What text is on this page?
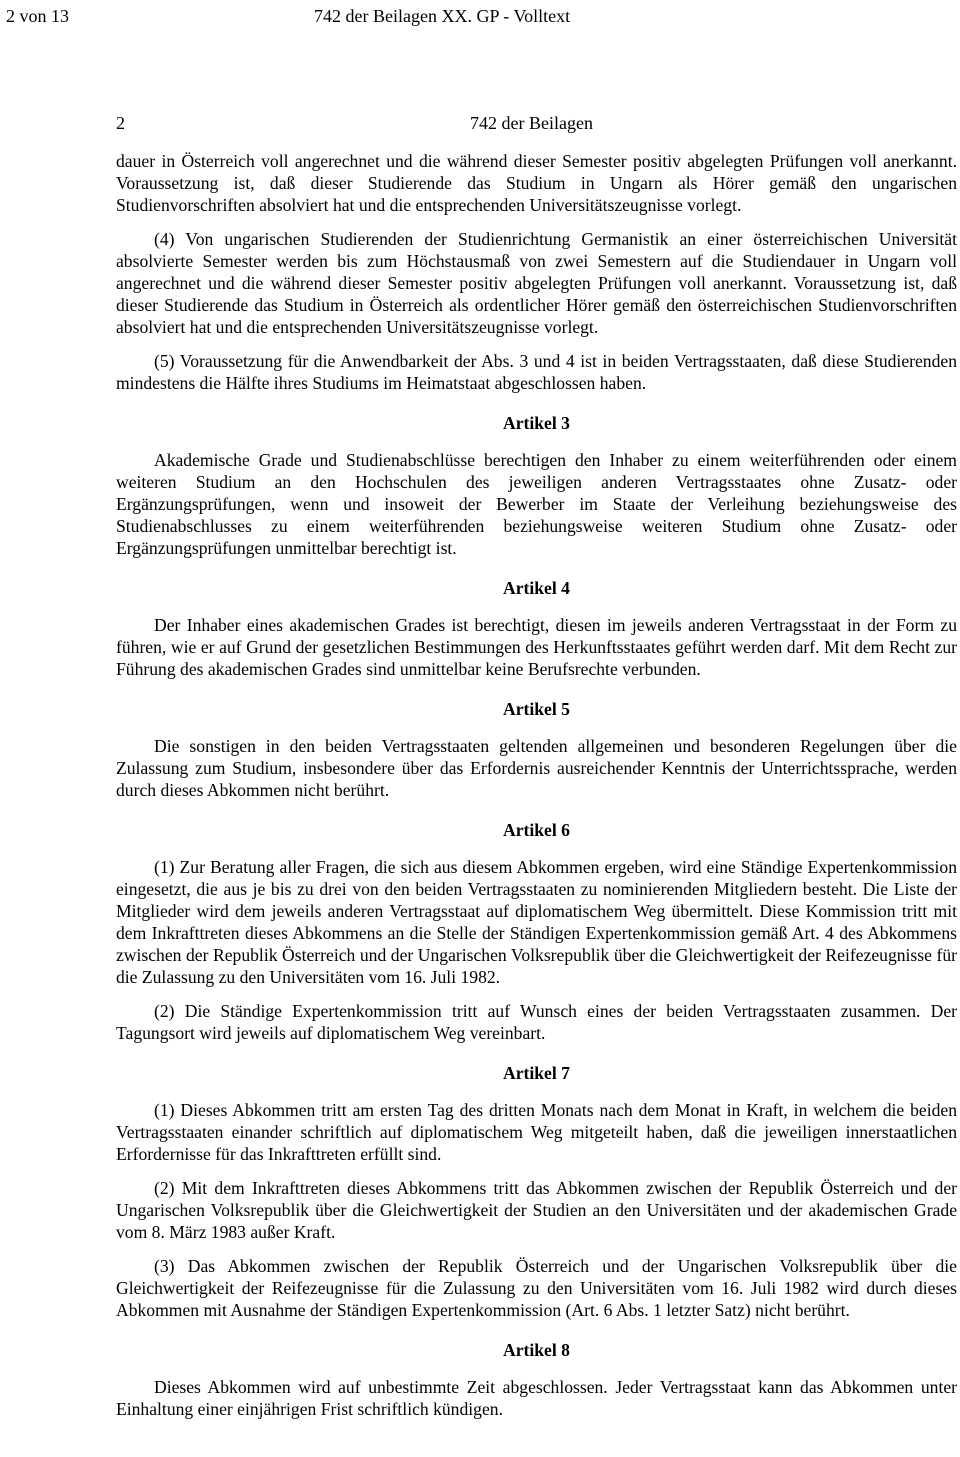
2 von 13	742 der Beilagen XX. GP - Volltext
2	742 der Beilagen

dauer in Österreich voll angerechnet und die während dieser Semester positiv abgelegten Prüfungen voll anerkannt. Voraussetzung ist, daß dieser Studierende das Studium in Ungarn als Hörer gemäß den ungarischen Studienvorschriften absolviert hat und die entsprechenden Universitätszeugnisse vorlegt.

(4) Von ungarischen Studierenden der Studienrichtung Germanistik an einer österreichischen Universität absolvierte Semester werden bis zum Höchstausmaß von zwei Semestern auf die Studiendauer in Ungarn voll angerechnet und die während dieser Semester positiv abgelegten Prüfungen voll anerkannt. Voraussetzung ist, daß dieser Studierende das Studium in Österreich als ordentlicher Hörer gemäß den österreichischen Studienvorschriften absolviert hat und die entsprechenden Universitätszeugnisse vorlegt.

(5) Voraussetzung für die Anwendbarkeit der Abs. 3 und 4 ist in beiden Vertragsstaaten, daß diese Studierenden mindestens die Hälfte ihres Studiums im Heimatstaat abgeschlossen haben.

Artikel 3

Akademische Grade und Studienabschlüsse berechtigen den Inhaber zu einem weiterführenden oder einem weiteren Studium an den Hochschulen des jeweiligen anderen Vertragsstaates ohne Zusatz- oder Ergänzungsprüfungen, wenn und insoweit der Bewerber im Staate der Verleihung beziehungsweise des Studienabschlusses zu einem weiterführenden beziehungsweise weiteren Studium ohne Zusatz- oder Ergänzungsprüfungen unmittelbar berechtigt ist.

Artikel 4

Der Inhaber eines akademischen Grades ist berechtigt, diesen im jeweils anderen Vertragsstaat in der Form zu führen, wie er auf Grund der gesetzlichen Bestimmungen des Herkunftsstaates geführt werden darf. Mit dem Recht zur Führung des akademischen Grades sind unmittelbar keine Berufsrechte verbunden.

Artikel 5

Die sonstigen in den beiden Vertragsstaaten geltenden allgemeinen und besonderen Regelungen über die Zulassung zum Studium, insbesondere über das Erfordernis ausreichender Kenntnis der Unterrichtssprache, werden durch dieses Abkommen nicht berührt.

Artikel 6

(1) Zur Beratung aller Fragen, die sich aus diesem Abkommen ergeben, wird eine Ständige Expertenkommission eingesetzt, die aus je bis zu drei von den beiden Vertragsstaaten zu nominierenden Mitgliedern besteht. Die Liste der Mitglieder wird dem jeweils anderen Vertragsstaat auf diplomatischem Weg übermittelt. Diese Kommission tritt mit dem Inkrafttreten dieses Abkommens an die Stelle der Ständigen Expertenkommission gemäß Art. 4 des Abkommens zwischen der Republik Österreich und der Ungarischen Volksrepublik über die Gleichwertigkeit der Reifezeugnisse für die Zulassung zu den Universitäten vom 16. Juli 1982.

(2) Die Ständige Expertenkommission tritt auf Wunsch eines der beiden Vertragsstaaten zusammen. Der Tagungsort wird jeweils auf diplomatischem Weg vereinbart.

Artikel 7

(1) Dieses Abkommen tritt am ersten Tag des dritten Monats nach dem Monat in Kraft, in welchem die beiden Vertragsstaaten einander schriftlich auf diplomatischem Weg mitgeteilt haben, daß die jeweiligen innerstaatlichen Erfordernisse für das Inkrafttreten erfüllt sind.

(2) Mit dem Inkrafttreten dieses Abkommens tritt das Abkommen zwischen der Republik Österreich und der Ungarischen Volksrepublik über die Gleichwertigkeit der Studien an den Universitäten und der akademischen Grade vom 8. März 1983 außer Kraft.

(3) Das Abkommen zwischen der Republik Österreich und der Ungarischen Volksrepublik über die Gleichwertigkeit der Reifezeugnisse für die Zulassung zu den Universitäten vom 16. Juli 1982 wird durch dieses Abkommen mit Ausnahme der Ständigen Expertenkommission (Art. 6 Abs. 1 letzter Satz) nicht berührt.

Artikel 8

Dieses Abkommen wird auf unbestimmte Zeit abgeschlossen. Jeder Vertragsstaat kann das Abkommen unter Einhaltung einer einjährigen Frist schriftlich kündigen.
